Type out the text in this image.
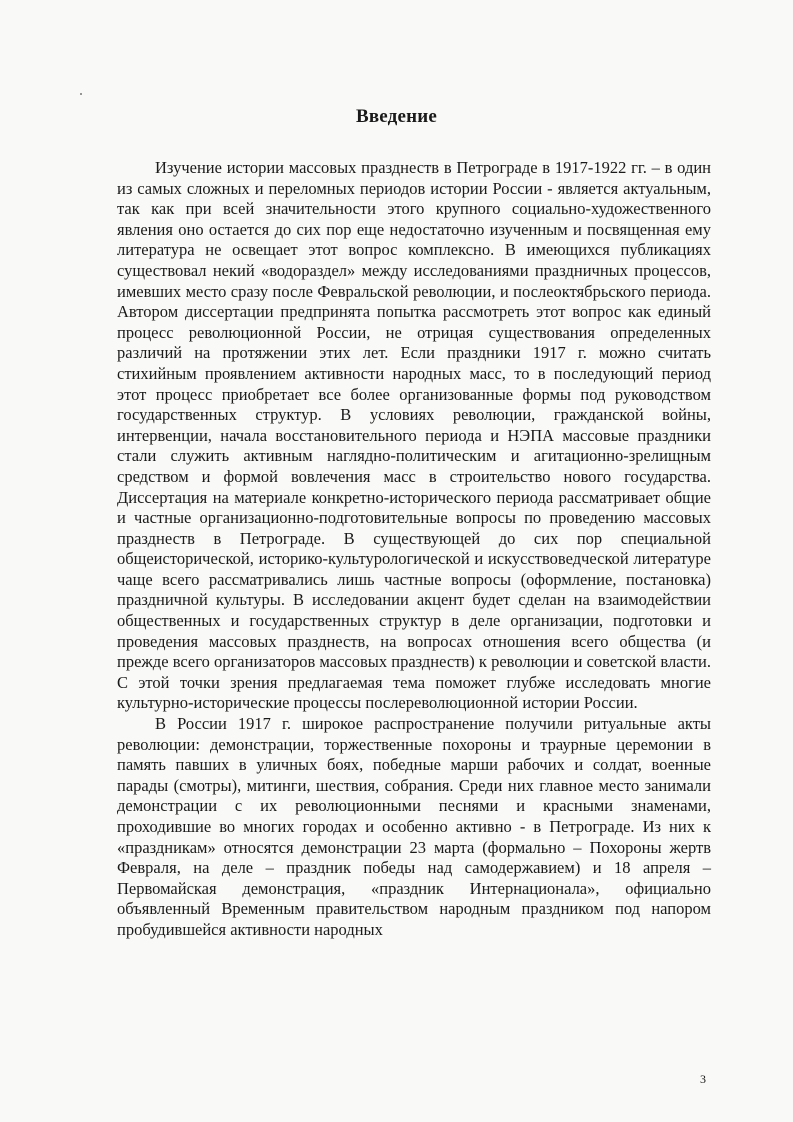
Введение

Изучение истории массовых празднеств в Петрограде в 1917-1922 гг. – в один из самых сложных и переломных периодов истории России - является актуальным, так как при всей значительности этого крупного социально-художественного явления оно остается до сих пор еще недостаточно изученным и посвященная ему литература не освещает этот вопрос комплексно. В имеющихся публикациях существовал некий «водораздел» между исследованиями праздничных процессов, имевших место сразу после Февральской революции, и послеоктябрьского периода. Автором диссертации предпринята попытка рассмотреть этот вопрос как единый процесс революционной России, не отрицая существования определенных различий на протяжении этих лет. Если праздники 1917 г. можно считать стихийным проявлением активности народных масс, то в последующий период этот процесс приобретает все более организованные формы под руководством государственных структур. В условиях революции, гражданской войны, интервенции, начала восстановительного периода и НЭПА массовые праздники стали служить активным наглядно-политическим и агитационно-зрелищным средством и формой вовлечения масс в строительство нового государства. Диссертация на материале конкретно-исторического периода рассматривает общие и частные организационно-подготовительные вопросы по проведению массовых празднеств в Петрограде. В существующей до сих пор специальной общеисторической, историко-культурологической и искусствоведческой литературе чаще всего рассматривались лишь частные вопросы (оформление, постановка) праздничной культуры. В исследовании акцент будет сделан на взаимодействии общественных и государственных структур в деле организации, подготовки и проведения массовых празднеств, на вопросах отношения всего общества (и прежде всего организаторов массовых празднеств) к революции и советской власти. С этой точки зрения предлагаемая тема поможет глубже исследовать многие культурно-исторические процессы послереволюционной истории России.

В России 1917 г. широкое распространение получили ритуальные акты революции: демонстрации, торжественные похороны и траурные церемонии в память павших в уличных боях, победные марши рабочих и солдат, военные парады (смотры), митинги, шествия, собрания. Среди них главное место занимали демонстрации с их революционными песнями и красными знаменами, проходившие во многих городах и особенно активно - в Петрограде. Из них к «праздникам» относятся демонстрации 23 марта (формально – Похороны жертв Февраля, на деле – праздник победы над самодержавием) и 18 апреля – Первомайская демонстрация, «праздник Интернационала», официально объявленный Временным правительством народным праздником под напором пробудившейся активности народных

3
